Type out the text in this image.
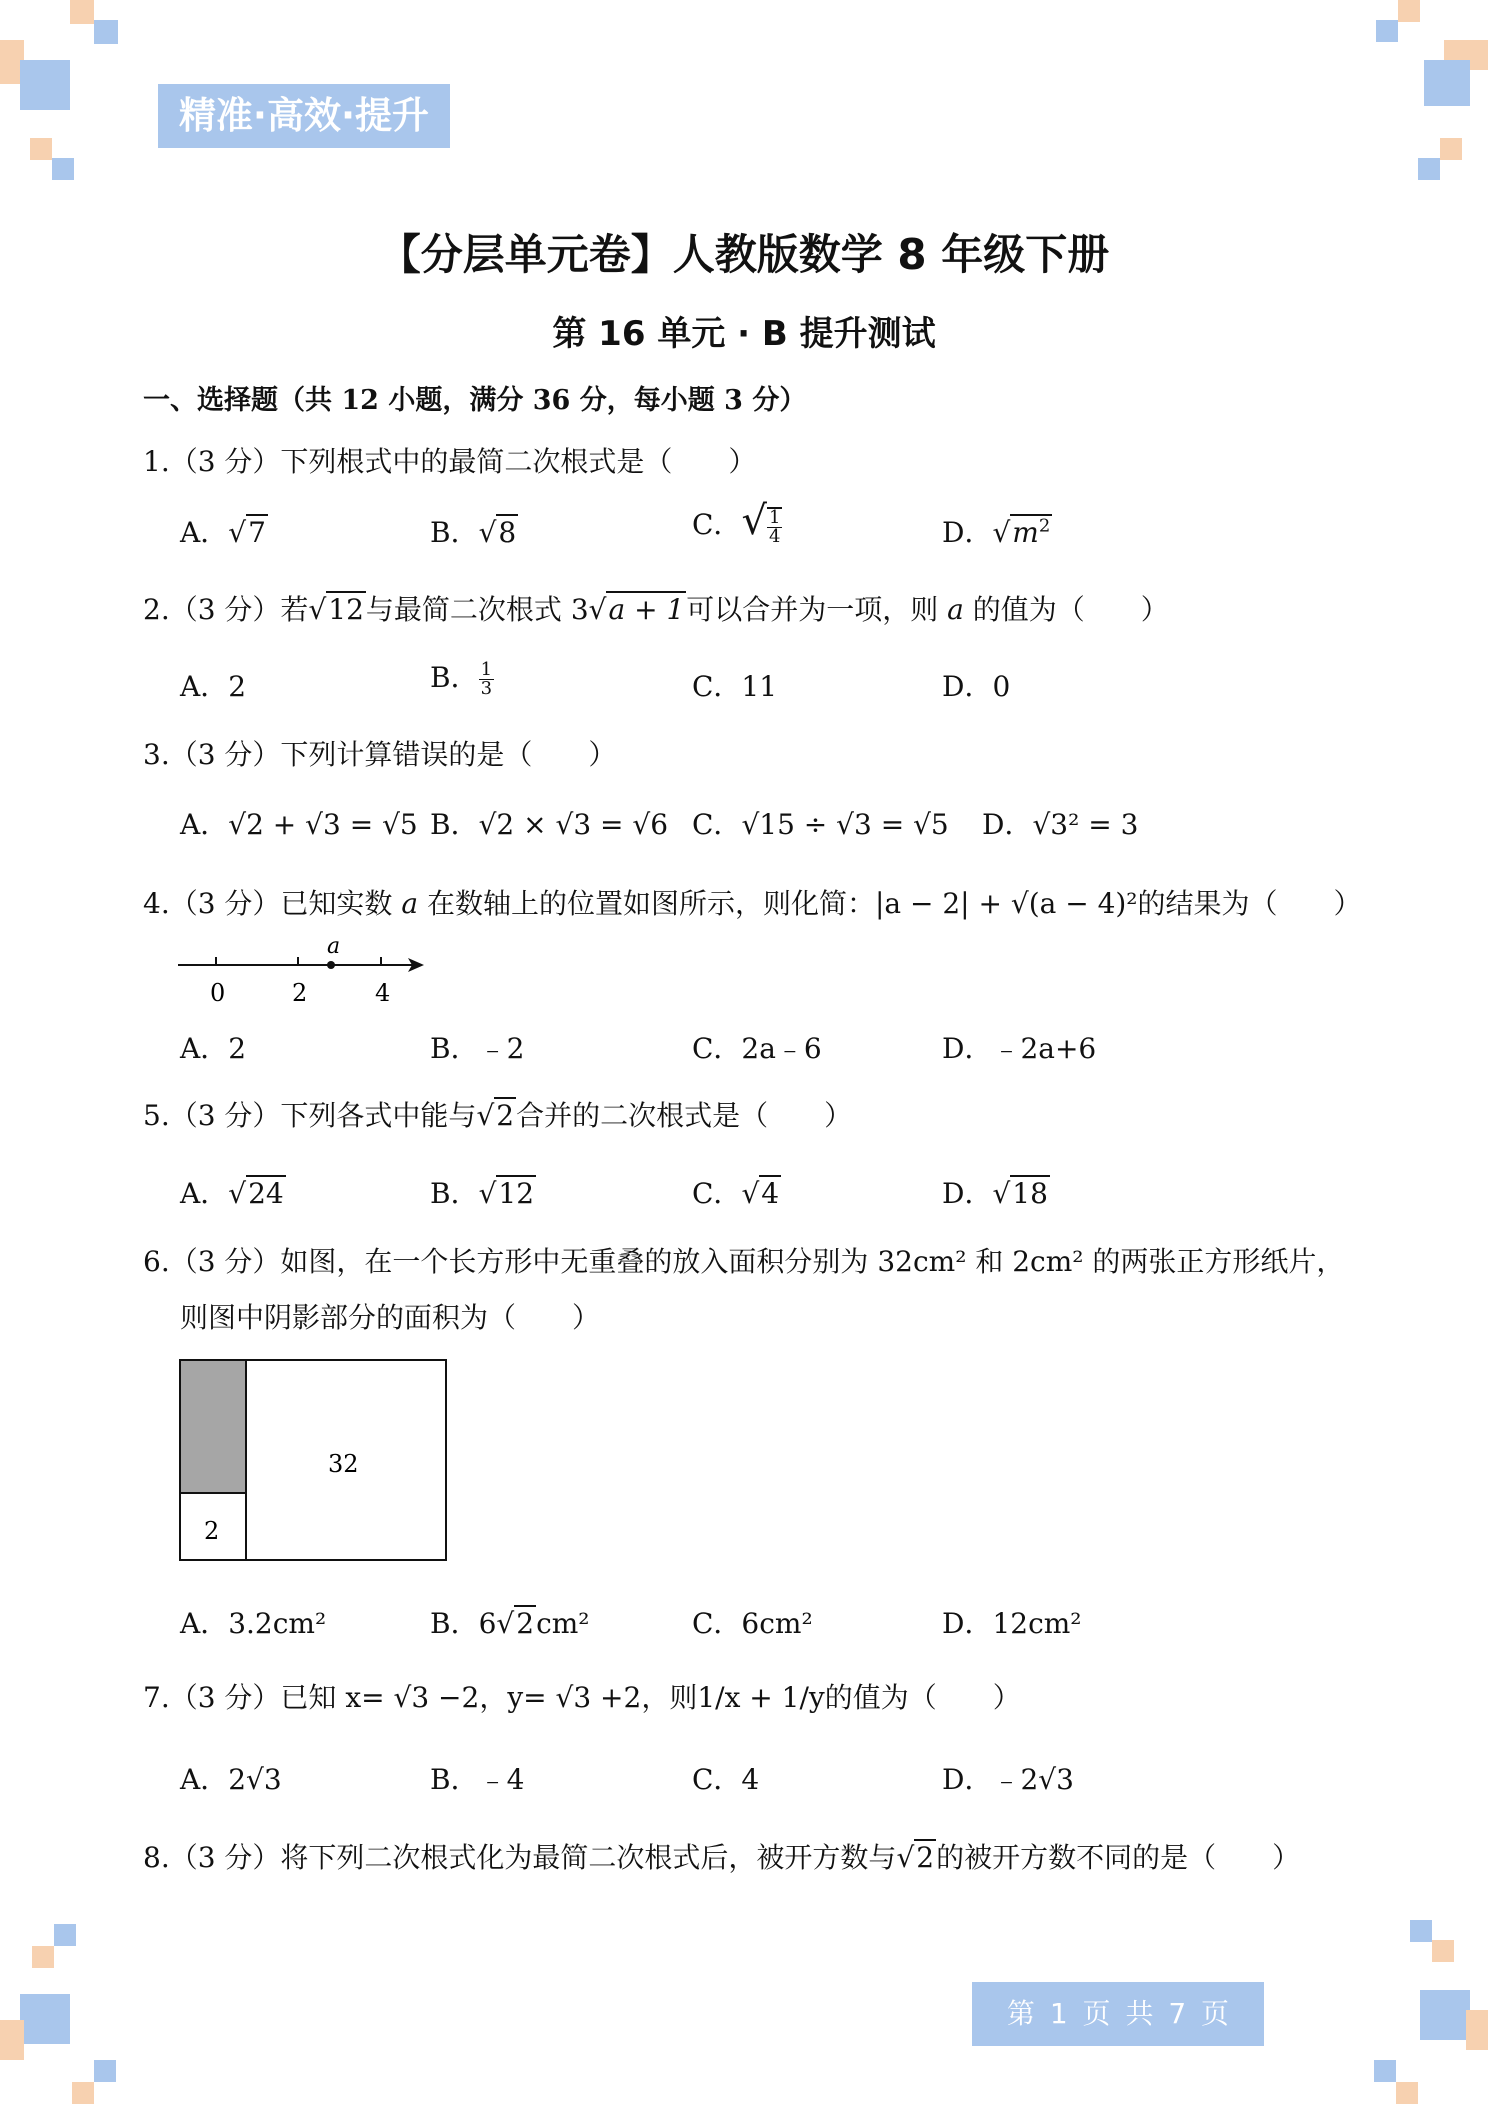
精准·高效·提升
【分层单元卷】人教版数学 8 年级下册
第 16 单元 · B 提升测试
一、选择题（共 12 小题，满分 36 分，每小题 3 分）
1.（3 分）下列根式中的最简二次根式是（　　）
A．√7	B．√8	C．√ $\frac{1}{4}$	D．$√m^2$
2.（3 分）若√12与最简二次根式 3√a + 1可以合并为一项，则 a 的值为（　　）
A．2	B． $\frac{1}{3}$	C．11	D．0
3.（3 分）下列计算错误的是（　　）
A．√2 + √3 = √5 B．√2 × √3 = √6 C．√15 ÷ √3 = √5 D．√3² = 3
4.（3 分）已知实数 a 在数轴上的位置如图所示，则化简：|a − 2| + √(a − 4)²的结果为（　　）
a
0	2	4
A．2	B．﹣2	C．2a﹣6	D．﹣2a+6
5.（3 分）下列各式中能与√2合并的二次根式是（　　）
A．√24	B．√12	C．√4	D．√18
6.（3 分）如图，在一个长方形中无重叠的放入面积分别为 32cm² 和 2cm² 的两张正方形纸片，
则图中阴影部分的面积为（　　）
32
2
A．3.2cm²	B．6√2cm²	C．6cm²	D．12cm²
7.（3 分）已知 x= √3 −2，y= √3 +2，则1/x + 1/y的值为（　　）
A．2√3	B．﹣4	C．4	D．﹣2√3
8.（3 分）将下列二次根式化为最简二次根式后，被开方数与√2的被开方数不同的是（　　）
第 1 页 共 7 页
